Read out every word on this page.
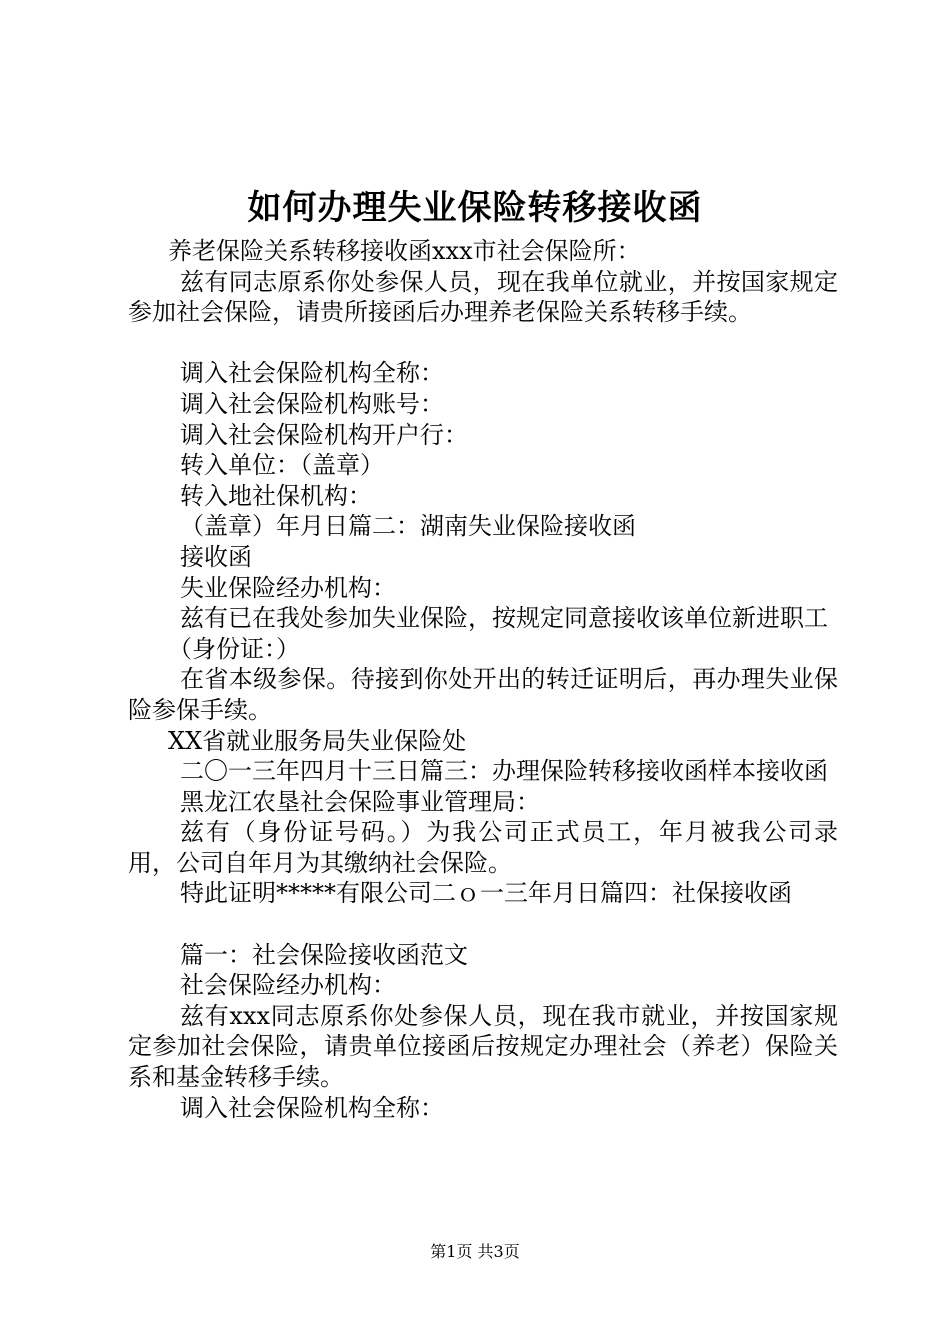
如何办理失业保险转移接收函

养老保险关系转移接收函xxx市社会保险所：

兹有同志原系你处参保人员，现在我单位就业，并按国家规定参加社会保险，请贵所接函后办理养老保险关系转移手续。

调入社会保险机构全称：

调入社会保险机构账号：

调入社会保险机构开户行：

转入单位：（盖章）

转入地社保机构：

（盖章）年月日篇二：湖南失业保险接收函

接收函

失业保险经办机构：

兹有已在我处参加失业保险，按规定同意接收该单位新进职工

（身份证：）

在省本级参保。待接到你处开出的转迁证明后，再办理失业保险参保手续。

XX省就业服务局失业保险处

二〇一三年四月十三日篇三：办理保险转移接收函样本接收函

黑龙江农垦社会保险事业管理局：

兹有（身份证号码。）为我公司正式员工，年月被我公司录用，公司自年月为其缴纳社会保险。

特此证明*****有限公司二ｏ一三年月日篇四：社保接收函

篇一：社会保险接收函范文

社会保险经办机构：

兹有xxx同志原系你处参保人员，现在我市就业，并按国家规定参加社会保险，请贵单位接函后按规定办理社会（养老）保险关系和基金转移手续。

调入社会保险机构全称：

第1页 共3页
